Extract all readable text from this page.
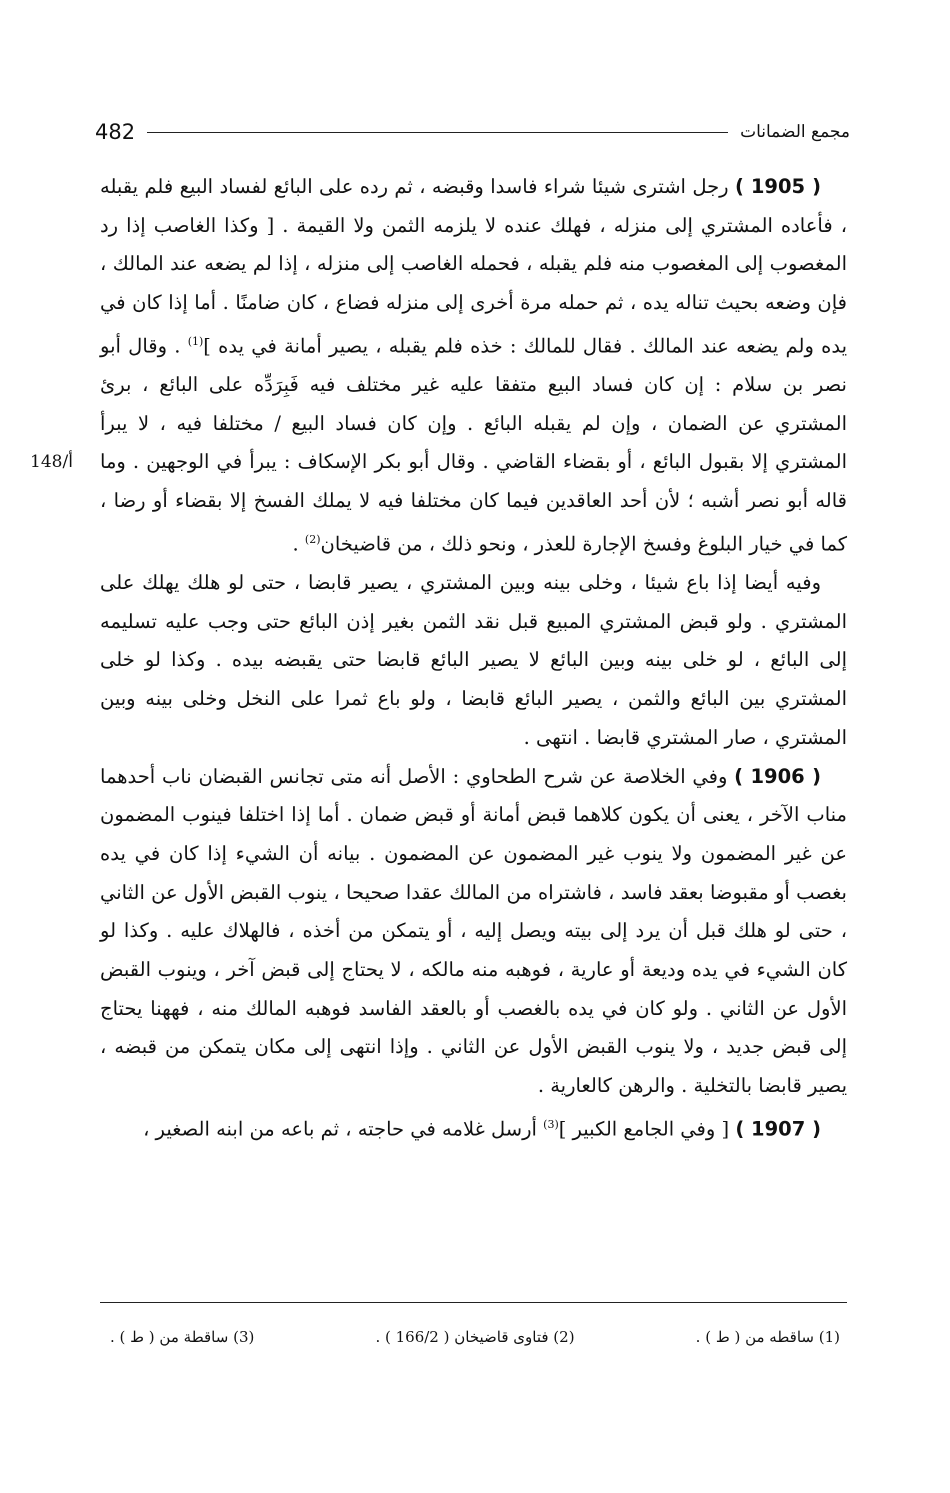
482	مجمع الضمانات
148/أ

( 1905 ) رجل اشترى شيئا شراء فاسدا وقبضه ، ثم رده على البائع لفساد البيع فلم يقبله ، فأعاده المشتري إلى منزله ، فهلك عنده لا يلزمه الثمن ولا القيمة . [ وكذا الغاصب إذا رد المغصوب إلى المغصوب منه فلم يقبله ، فحمله الغاصب إلى منزله ، إذا لم يضعه عند المالك ، فإن وضعه بحيث تناله يده ، ثم حمله مرة أخرى إلى منزله فضاع ، كان ضامنًا . أما إذا كان في يده ولم يضعه عند المالك . فقال للمالك : خذه فلم يقبله ، يصير أمانة في يده ]$^{(1)}$ . وقال أبو نصر بن سلام : إن كان فساد البيع متفقا عليه غير مختلف فيه فَبِرَدِّه على البائع ، برئ المشتري عن الضمان ، وإن لم يقبله البائع . وإن كان فساد البيع / مختلفا فيه ، لا يبرأ المشتري إلا بقبول البائع ، أو بقضاء القاضي . وقال أبو بكر الإسكاف : يبرأ في الوجهين . وما قاله أبو نصر أشبه ؛ لأن أحد العاقدين فيما كان مختلفا فيه لا يملك الفسخ إلا بقضاء أو رضا ، كما في خيار البلوغ وفسخ الإجارة للعذر ، ونحو ذلك ، من قاضيخان$^{(2)}$ .

وفيه أيضا إذا باع شيئا ، وخلى بينه وبين المشتري ، يصير قابضا ، حتى لو هلك يهلك على المشتري . ولو قبض المشتري المبيع قبل نقد الثمن بغير إذن البائع حتى وجب عليه تسليمه إلى البائع ، لو خلى بينه وبين البائع لا يصير البائع قابضا حتى يقبضه بيده . وكذا لو خلى المشتري بين البائع والثمن ، يصير البائع قابضا ، ولو باع ثمرا على النخل وخلى بينه وبين المشتري ، صار المشتري قابضا . انتهى .

( 1906 ) وفي الخلاصة عن شرح الطحاوي : الأصل أنه متى تجانس القبضان ناب أحدهما مناب الآخر ، يعنى أن يكون كلاهما قبض أمانة أو قبض ضمان . أما إذا اختلفا فينوب المضمون عن غير المضمون ولا ينوب غير المضمون عن المضمون . بيانه أن الشيء إذا كان في يده بغصب أو مقبوضا بعقد فاسد ، فاشتراه من المالك عقدا صحيحا ، ينوب القبض الأول عن الثاني ، حتى لو هلك قبل أن يرد إلى بيته ويصل إليه ، أو يتمكن من أخذه ، فالهلاك عليه . وكذا لو كان الشيء في يده وديعة أو عارية ، فوهبه منه مالكه ، لا يحتاج إلى قبض آخر ، وينوب القبض الأول عن الثاني . ولو كان في يده بالغصب أو بالعقد الفاسد فوهبه المالك منه ، فههنا يحتاج إلى قبض جديد ، ولا ينوب القبض الأول عن الثاني . وإذا انتهى إلى مكان يتمكن من قبضه ، يصير قابضا بالتخلية . والرهن كالعارية .

( 1907 ) [ وفي الجامع الكبير ]$^{(3)}$ أرسل غلامه في حاجته ، ثم باعه من ابنه الصغير ،

(1) ساقطه من ( ط ) .
(2) فتاوى قاضيخان ( 166/2 ) .
(3) ساقطة من ( ط ) .
